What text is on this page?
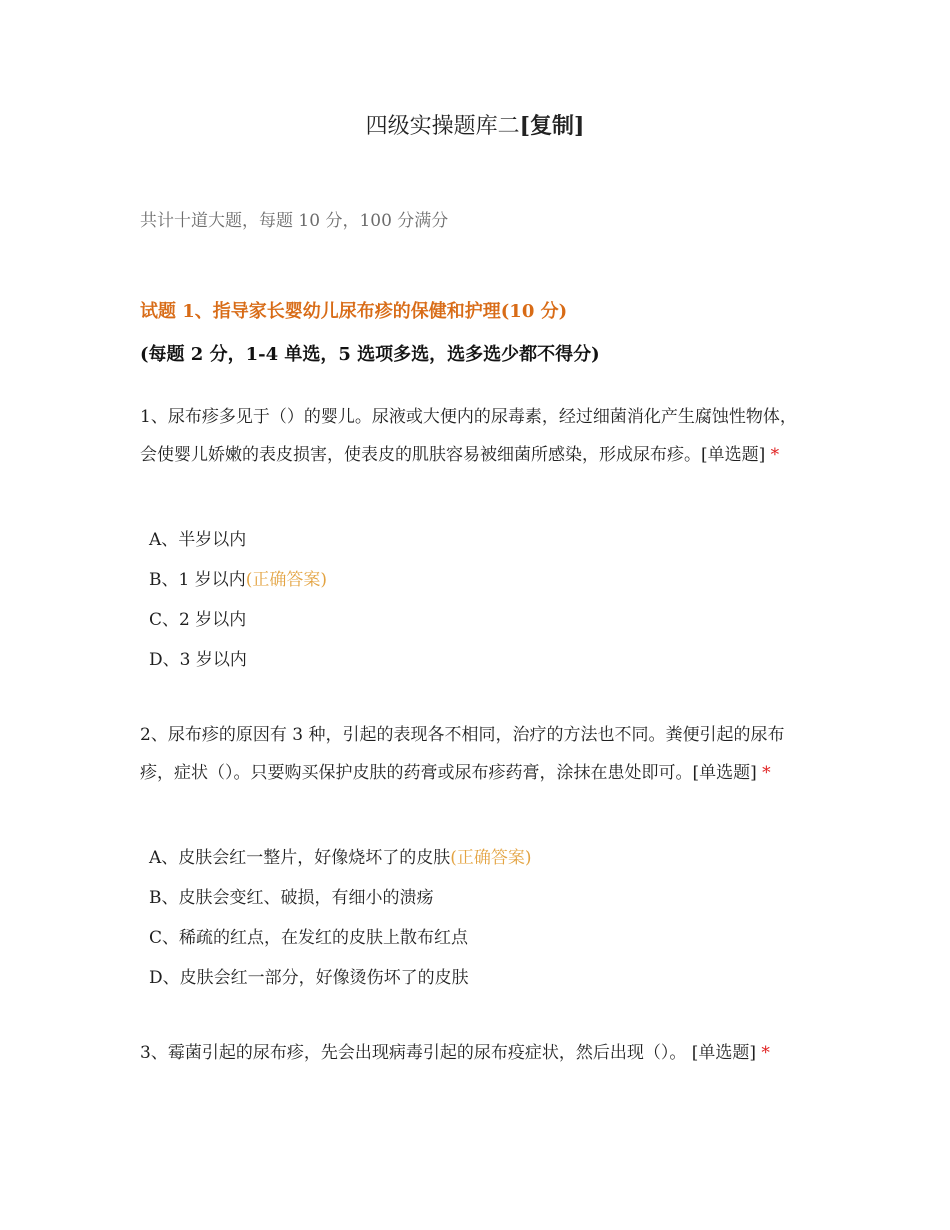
四级实操题库二[复制]
共计十道大题，每题 10 分，100 分满分
试题 1、指导家长婴幼儿尿布疹的保健和护理(10 分)
(每题 2 分，1-4 单选，5 选项多选，选多选少都不得分)
1、尿布疹多见于（）的婴儿。尿液或大便内的尿毒素，经过细菌消化产生腐蚀性物体，会使婴儿娇嫩的表皮损害，使表皮的肌肤容易被细菌所感染，形成尿布疹。[单选题] *
A、半岁以内
B、1 岁以内(正确答案)
C、2 岁以内
D、3 岁以内
2、尿布疹的原因有 3 种，引起的表现各不相同，治疗的方法也不同。粪便引起的尿布疹，症状（）。只要购买保护皮肤的药膏或尿布疹药膏，涂抹在患处即可。[单选题] *
A、皮肤会红一整片，好像烧坏了的皮肤(正确答案)
B、皮肤会变红、破损，有细小的溃疡
C、稀疏的红点，在发红的皮肤上散布红点
D、皮肤会红一部分，好像烫伤坏了的皮肤
3、霉菌引起的尿布疹，先会出现病毒引起的尿布疫症状，然后出现（）。 [单选题] *
